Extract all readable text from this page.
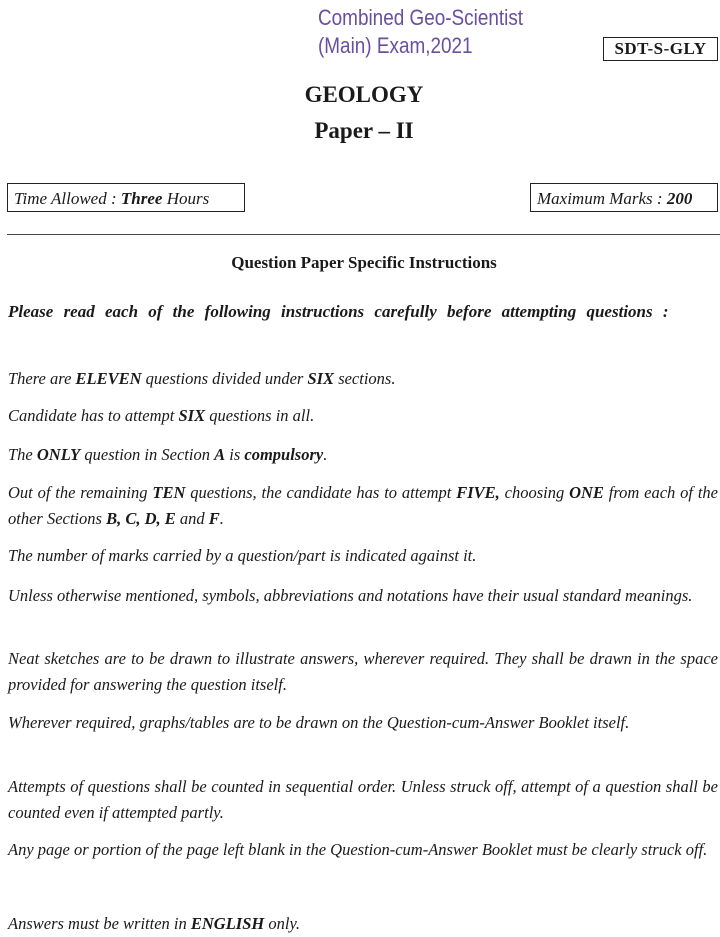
Combined Geo-Scientist
(Main) Exam,2021	SDT-S-GLY
GEOLOGY
Paper – II
Time Allowed : Three Hours	Maximum Marks : 200
Question Paper Specific Instructions
Please read each of the following instructions carefully before attempting questions :
There are ELEVEN questions divided under SIX sections.
Candidate has to attempt SIX questions in all.
The ONLY question in Section A is compulsory.
Out of the remaining TEN questions, the candidate has to attempt FIVE, choosing ONE from each of the other Sections B, C, D, E and F.
The number of marks carried by a question/part is indicated against it.
Unless otherwise mentioned, symbols, abbreviations and notations have their usual standard meanings.
Neat sketches are to be drawn to illustrate answers, wherever required. They shall be drawn in the space provided for answering the question itself.
Wherever required, graphs/tables are to be drawn on the Question-cum-Answer Booklet itself.
Attempts of questions shall be counted in sequential order. Unless struck off, attempt of a question shall be counted even if attempted partly.
Any page or portion of the page left blank in the Question-cum-Answer Booklet must be clearly struck off.
Answers must be written in ENGLISH only.
